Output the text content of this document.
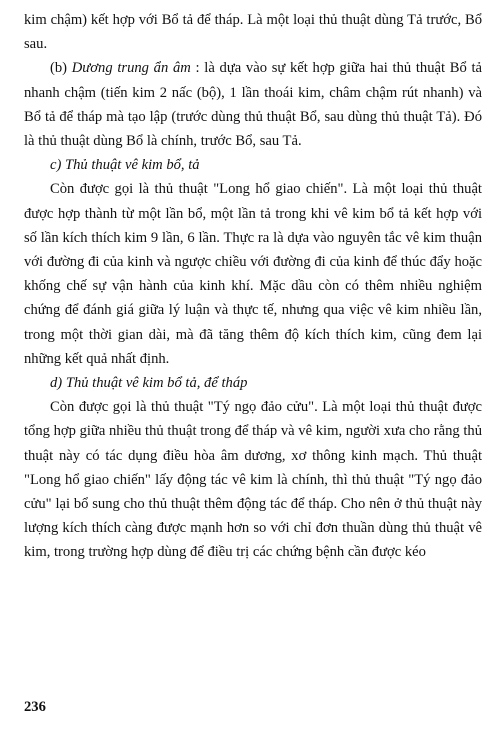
kim chậm) kết hợp với Bổ tả để tháp. Là một loại thủ thuật dùng Tả trước, Bổ sau.

(b) Dương trung ẩn âm : là dựa vào sự kết hợp giữa hai thủ thuật Bổ tả nhanh chậm (tiến kim 2 nấc (bộ), 1 lần thoái kim, châm chậm rút nhanh) và Bổ tả để tháp mà tạo lập (trước dùng thủ thuật Bổ, sau dùng thủ thuật Tả). Đó là thủ thuật dùng Bổ là chính, trước Bổ, sau Tả.

c) Thủ thuật vê kim bổ, tả

Còn được gọi là thủ thuật "Long hổ giao chiến". Là một loại thủ thuật được hợp thành từ một lần bổ, một lần tả trong khi vê kim bổ tả kết hợp với số lần kích thích kim 9 lần, 6 lần. Thực ra là dựa vào nguyên tắc vê kim thuận với đường đi của kinh và ngược chiều với đường đi của kinh để thúc đẩy hoặc khống chế sự vận hành của kinh khí. Mặc dầu còn có thêm nhiều nghiệm chứng để đánh giá giữa lý luận và thực tế, nhưng qua việc vê kim nhiều lần, trong một thời gian dài, mà đã tăng thêm độ kích thích kim, cũng đem lại những kết quả nhất định.

d) Thủ thuật vê kim bổ tả, để tháp

Còn được gọi là thủ thuật "Tý ngọ đảo cửu". Là một loại thủ thuật được tổng hợp giữa nhiều thủ thuật trong để tháp và vê kim, người xưa cho rằng thủ thuật này có tác dụng điều hòa âm dương, xơ thông kinh mạch. Thủ thuật "Long hổ giao chiến" lấy động tác vê kim là chính, thì thủ thuật "Tý ngọ đảo cửu" lại bổ sung cho thủ thuật thêm động tác để tháp. Cho nên ở thủ thuật này lượng kích thích càng được mạnh hơn so với chỉ đơn thuần dùng thủ thuật vê kim, trong trường hợp dùng để điều trị các chứng bệnh cần được kéo

236
